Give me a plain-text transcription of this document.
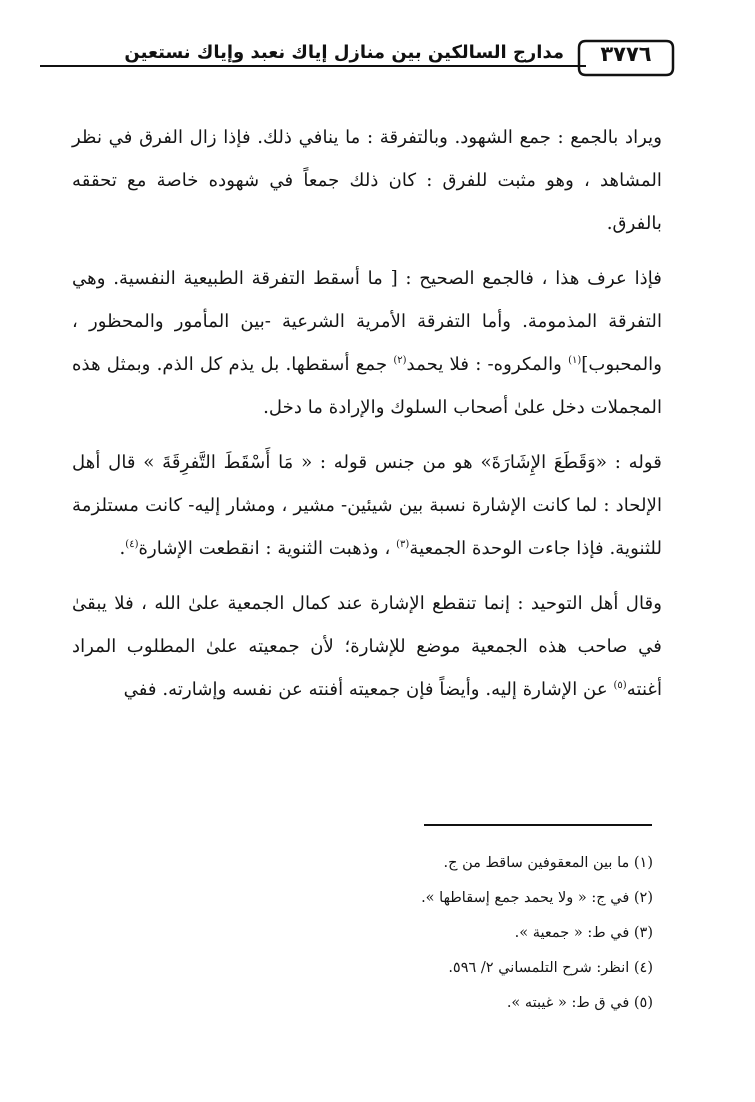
٣٧٧٦
مدارج السالكين بين منازل إياك نعبد وإياك نستعين

ويراد بالجمع : جمع الشهود. وبالتفرقة : ما ينافي ذلك. فإذا زال الفرق في نظر المشاهد ، وهو مثبت للفرق : كان ذلك جمعاً في شهوده خاصة مع تحققه بالفرق.

فإذا عرف هذا ، فالجمع الصحيح : [ ما أسقط التفرقة الطبيعية النفسية. وهي التفرقة المذمومة. وأما التفرقة الأمرية الشرعية -بين المأمور والمحظور ، والمحبوب]$^{(١)}$ والمكروه- : فلا يحمد$^{(٢)}$ جمع أسقطها. بل يذم كل الذم. وبمثل هذه المجملات دخل علىٰ أصحاب السلوك والإرادة ما دخل.

قوله : «وَقَطَعَ الإِشَارَةَ» هو من جنس قوله : « مَا أَسْقَطَ التَّفرِقَةَ » قال أهل الإلحاد : لما كانت الإشارة نسبة بين شيئين- مشير ، ومشار إليه- كانت مستلزمة للثنوية. فإذا جاءت الوحدة الجمعية$^{(٣)}$ ، وذهبت الثنوية : انقطعت الإشارة$^{(٤)}$.

وقال أهل التوحيد : إنما تنقطع الإشارة عند كمال الجمعية علىٰ الله ، فلا يبقىٰ في صاحب هذه الجمعية موضع للإشارة؛ لأن جمعيته علىٰ المطلوب المراد أغنته$^{(٥)}$ عن الإشارة إليه. وأيضاً فإن جمعيته أفنته عن نفسه وإشارته. ففي

(١) ما بين المعقوفين ساقط من ج.
(٢) في ج: « ولا يحمد جمع إسقاطها ».
(٣) في ط: « جمعية ».
(٤) انظر: شرح التلمساني ٢/ ٥٩٦.
(٥) في ق ط: « غيبته ».
